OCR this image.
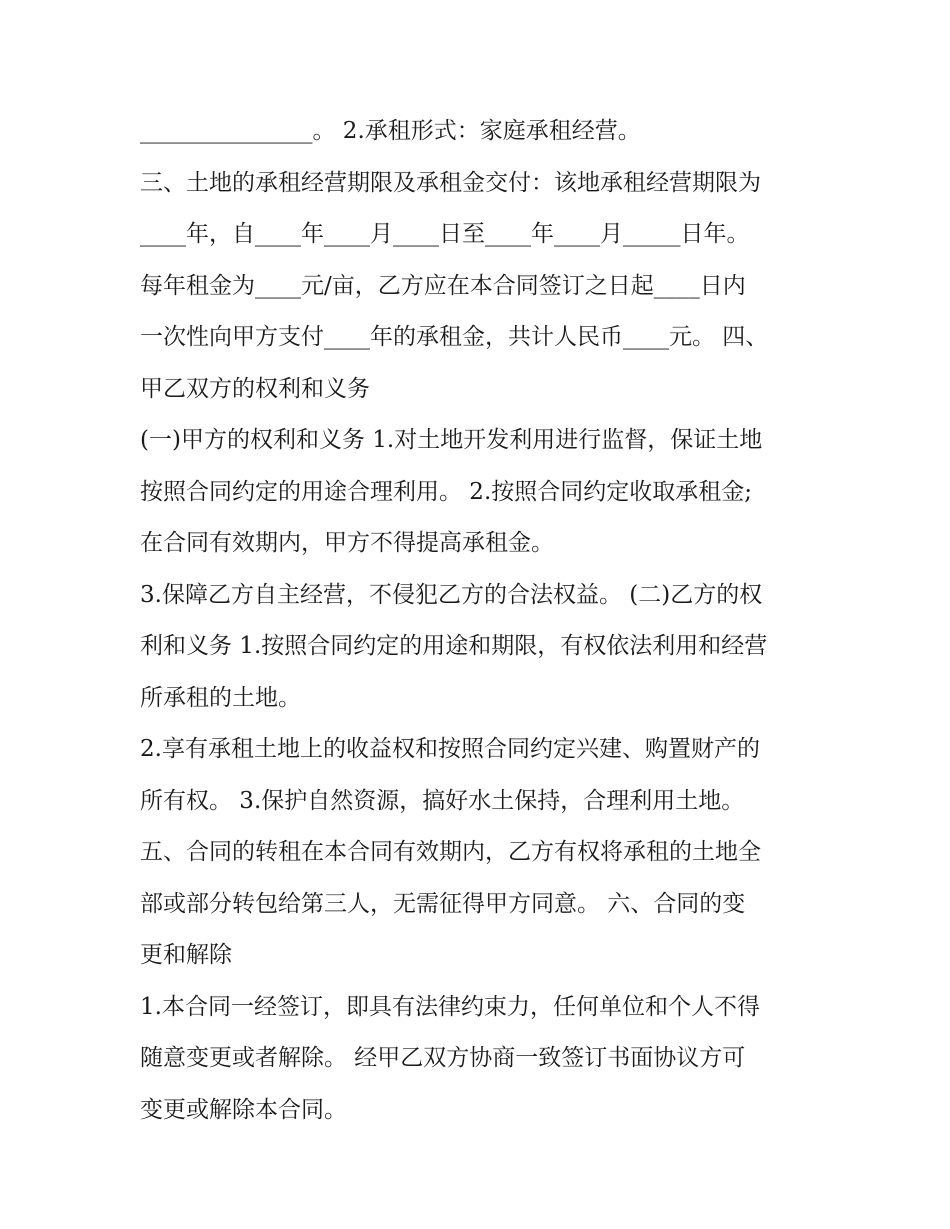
_______________。 2.承租形式：家庭承租经营。
三、土地的承租经营期限及承租金交付：该地承租经营期限为
____年，自____年____月____日至____年____月_____日年。
每年租金为____元/亩，乙方应在本合同签订之日起____日内
一次性向甲方支付____年的承租金，共计人民币____元。 四、
甲乙双方的权利和义务
(一)甲方的权利和义务 1.对土地开发利用进行监督，保证土地
按照合同约定的用途合理利用。 2.按照合同约定收取承租金;
在合同有效期内，甲方不得提高承租金。
3.保障乙方自主经营，不侵犯乙方的合法权益。 (二)乙方的权
利和义务 1.按照合同约定的用途和期限，有权依法利用和经营
所承租的土地。
2.享有承租土地上的收益权和按照合同约定兴建、购置财产的
所有权。 3.保护自然资源，搞好水土保持，合理利用土地。
五、合同的转租在本合同有效期内，乙方有权将承租的土地全
部或部分转包给第三人，无需征得甲方同意。 六、合同的变
更和解除
1.本合同一经签订，即具有法律约束力，任何单位和个人不得
随意变更或者解除。 经甲乙双方协商一致签订书面协议方可
变更或解除本合同。
